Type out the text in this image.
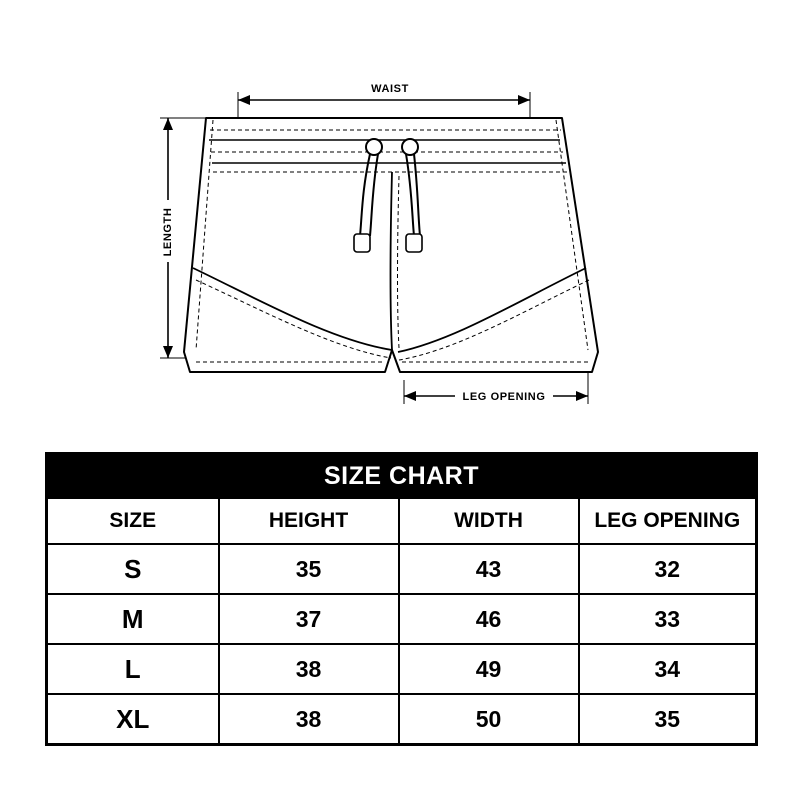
WAIST
LENGTH
LEG OPENING
SIZE CHART			
SIZE	HEIGHT	WIDTH	LEG OPENING
S	35	43	32
M	37	46	33
L	38	49	34
XL	38	50	35
